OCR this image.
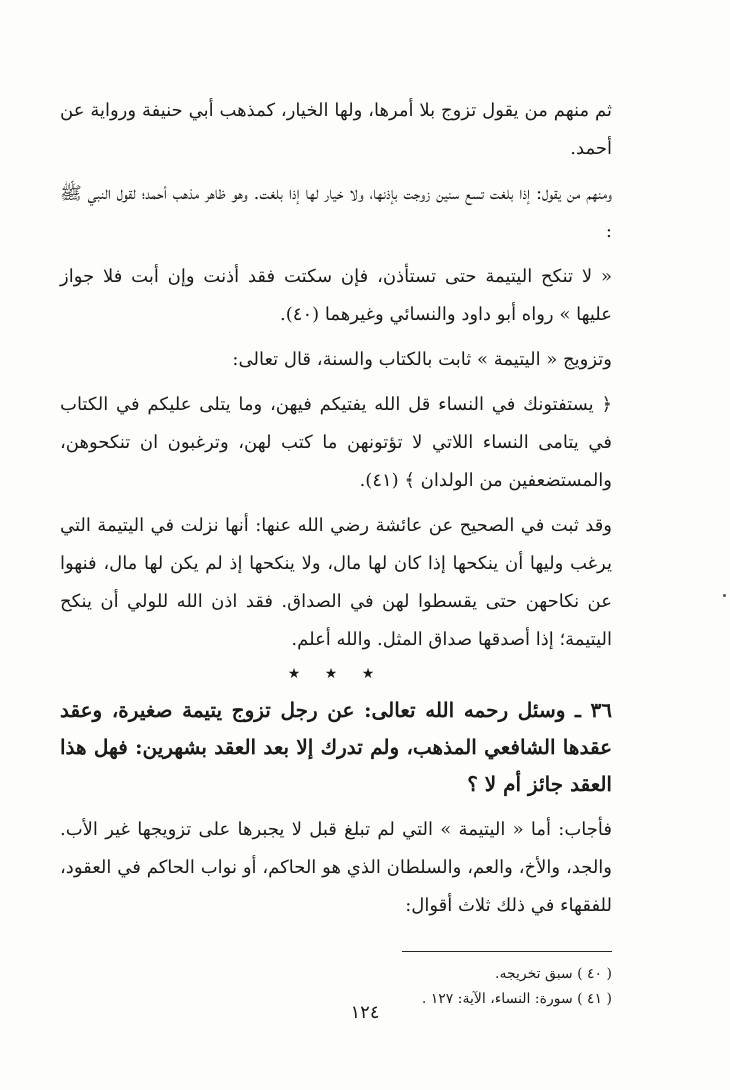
ثم منهم من يقول تزوج بلا أمرها، ولها الخيار، كمذهب أبي حنيفة ورواية عن أحمد.

ومنهم من يقول: إذا بلغت تسع سنين زوجت بإذنها، ولا خيار لها إذا بلغت. وهو ظاهر مذهب أحمد؛ لقول النبي ﷺ :

« لا تنكح اليتيمة حتى تستأذن، فإن سكتت فقد أذنت وإن أبت فلا جواز عليها » رواه أبو داود والنسائي وغيرهما (٤٠).

وتزويج « اليتيمة » ثابت بالكتاب والسنة، قال تعالى:

﴿ يستفتونك في النساء قل الله يفتيكم فيهن، وما يتلى عليكم في الكتاب في يتامى النساء اللاتي لا تؤتونهن ما كتب لهن، وترغبون ان تنكحوهن، والمستضعفين من الولدان ﴾ (٤١).

وقد ثبت في الصحيح عن عائشة رضي الله عنها: أنها نزلت في اليتيمة التي يرغب وليها أن ينكحها إذا كان لها مال، ولا ينكحها إذ لم يكن لها مال، فنهوا عن نكاحهن حتى يقسطوا لهن في الصداق. فقد اذن الله للولي أن ينكح اليتيمة؛ إذا أصدقها صداق المثل. والله أعلم.

★ ★ ★

٣٦ ـ وسئل رحمه الله تعالى: عن رجل تزوج يتيمة صغيرة، وعقد عقدها الشافعي المذهب، ولم تدرك إلا بعد العقد بشهرين: فهل هذا العقد جائز أم لا ؟

فأجاب: أما « اليتيمة » التي لم تبلغ قبل لا يجبرها على تزويجها غير الأب. والجد، والأخ، والعم، والسلطان الذي هو الحاكم، أو نواب الحاكم في العقود، للفقهاء في ذلك ثلاث أقوال:

( ٤٠ ) سبق تخريجه.
( ٤١ ) سورة: النساء، الآية: ١٢٧ .
١٢٤
